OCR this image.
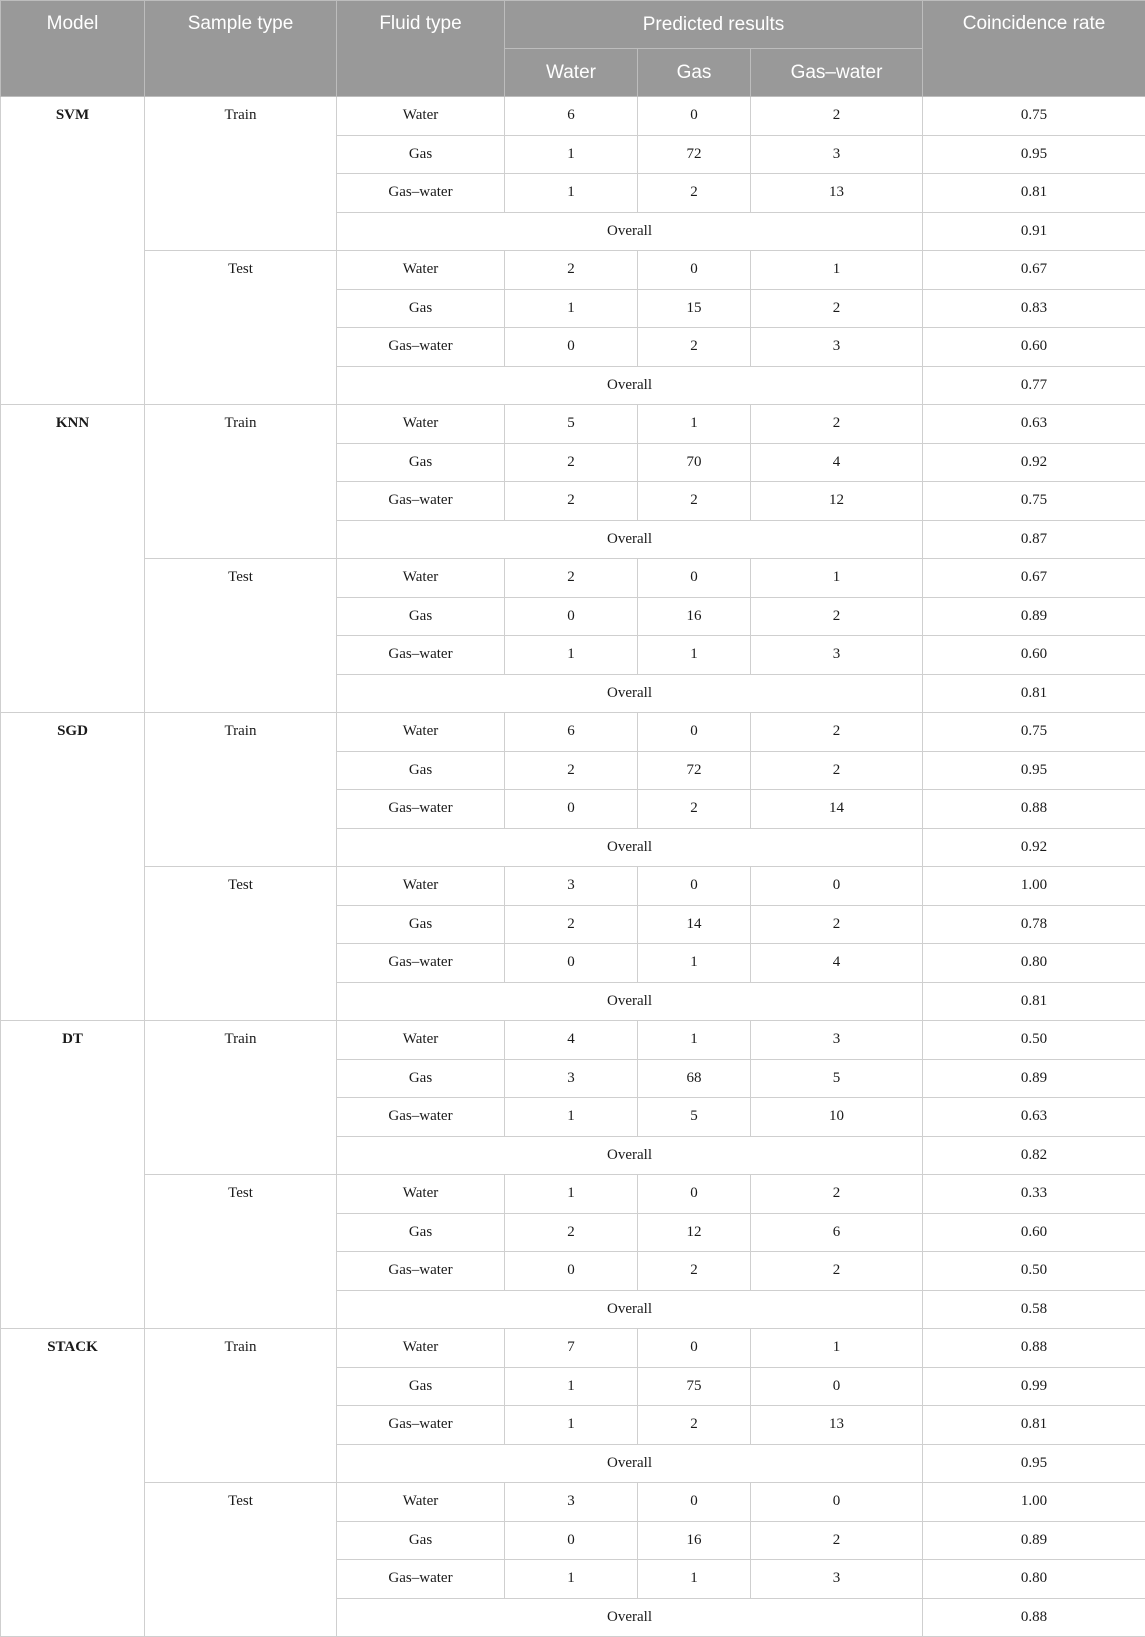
Model	Sample type	Fluid type	Predicted results			Coincidence rate
			Water	Gas	Gas–water	
SVM	Train	Water	6	0	2	0.75
		Gas	1	72	3	0.95
		Gas–water	1	2	13	0.81
		Overall				0.91
	Test	Water	2	0	1	0.67
		Gas	1	15	2	0.83
		Gas–water	0	2	3	0.60
		Overall				0.77
KNN	Train	Water	5	1	2	0.63
		Gas	2	70	4	0.92
		Gas–water	2	2	12	0.75
		Overall				0.87
	Test	Water	2	0	1	0.67
		Gas	0	16	2	0.89
		Gas–water	1	1	3	0.60
		Overall				0.81
SGD	Train	Water	6	0	2	0.75
		Gas	2	72	2	0.95
		Gas–water	0	2	14	0.88
		Overall				0.92
	Test	Water	3	0	0	1.00
		Gas	2	14	2	0.78
		Gas–water	0	1	4	0.80
		Overall				0.81
DT	Train	Water	4	1	3	0.50
		Gas	3	68	5	0.89
		Gas–water	1	5	10	0.63
		Overall				0.82
	Test	Water	1	0	2	0.33
		Gas	2	12	6	0.60
		Gas–water	0	2	2	0.50
		Overall				0.58
STACK	Train	Water	7	0	1	0.88
		Gas	1	75	0	0.99
		Gas–water	1	2	13	0.81
		Overall				0.95
	Test	Water	3	0	0	1.00
		Gas	0	16	2	0.89
		Gas–water	1	1	3	0.80
		Overall				0.88
